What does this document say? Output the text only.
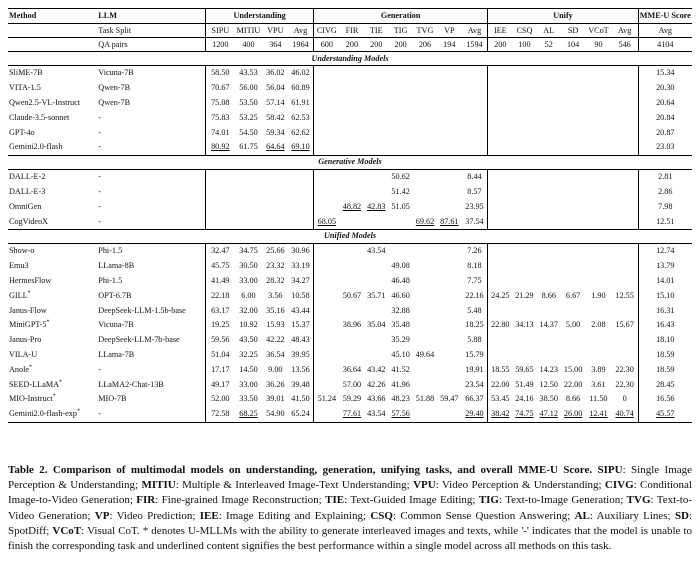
Method	LLM	Understanding				Generation							Unify						MME-U Score
	Task Split	SIPU	MITIU	VPU	Avg	CIVG	FIR	TIE	TIG	TVG	VP	Avg	IEE	CSQ	AL	SD	VCoT	Avg	Avg
	QA pairs	1200	400	364	1964	600	200	200	200	206	194	1594	200	100	52	104	90	546	4104
Understanding Models																			
SliME-7B	Vicuna-7B	58.50	43.53	36.02	46.02														15.34
VITA-1.5	Qwen-7B	70.67	56.00	56.04	60.89														20.30
Qwen2.5-VL-Instruct	Qwen-7B	75.08	53.50	57.14	61.91														20.64
Claude-3.5-sonnet	-	75.83	53.25	58.42	62.53														20.84
GPT-4o	-	74.01	54.50	59.34	62.62														20.87
Gemini2.0-flash	-	80.92	61.75	64.64	69.10														23.03
Generative Models																			
DALL-E-2	-								50.62			8.44							2.81
DALL-E-3	-								51.42			8.57							2.86
OmniGen	-						48.82	42.83	51.05			23.95							7.98
CogVideoX	-					68.05				69.62	87.61	37.54							12.51
Unified Models																			
Show-o	Phi-1.5	32.47	34.75	25.66	30.96			43.54				7.26							12.74
Emu3	LLama-8B	45.75	30.50	23.32	33.19				49.08			8.18							13.79
HermesFlow	Phi-1.5	41.49	33.00	28.32	34.27				46.48			7.75							14.01
GILL*	OPT-6.7B	22.18	6.00	3.56	10.58		50.67	35.71	46.60			22.16	24.25	21.29	8.66	6.67	1.90	12.55	15.10
Janus-Flow	DeepSeek-LLM-1.5b-base	63.17	32.00	35.16	43.44				32.88			5.48							16.31
MiniGPT-5*	Vicuna-7B	19.25	10.92	15.93	15.37		38.96	35.04	35.48			18.25	22.80	34.13	14.37	5.00	2.08	15.67	16.43
Janus-Pro	DeepSeek-LLM-7b-base	59.56	43.50	42.22	48.43				35.29			5.88							18.10
VILA-U	LLama-7B	51.04	32.25	36.54	39.95				45.10	49.64		15.79							18.59
Anole*	-	17.17	14.50	9.00	13.56		36.64	43.42	41.52			19.91	18.55	59.65	14.23	15.00	3.89	22.30	18.59
SEED-LLaMA*	LLaMA2-Chat-13B	49.17	33.00	36.26	39.48		57.00	42.26	41.96			23.54	22.00	51.49	12.50	22.00	3.61	22.30	28.45
MIO-Instruct*	MIO-7B	52.00	33.50	39.01	41.50	51.24	59.29	43.66	48.23	51.88	59.47	66.37	53.45	24.16	38.50	8.66	11.50	0	16.56
Gemini2.0-flash-exp*	-	72.58	68.25	54.90	65.24		77.61	43.54	57.56			29.40	38.42	74.75	47.12	26.00	12.41	40.74	45.57
Table 2. Comparison of multimodal models on understanding, generation, unifying tasks, and overall MME-U Score. SIPU: Single Image Perception & Understanding; MITIU: Multiple & Interleaved Image-Text Understanding; VPU: Video Perception & Understanding; CIVG: Conditional Image-to-Video Generation; FIR: Fine-grained Image Reconstruction; TIE: Text-Guided Image Editing; TIG: Text-to-Image Generation; TVG: Text-to-Video Generation; VP: Video Prediction; IEE: Image Editing and Explaining; CSQ: Common Sense Question Answering; AL: Auxiliary Lines; SD: SpotDiff; VCoT: Visual CoT. * denotes U-MLLMs with the ability to generate interleaved images and texts, while '-' indicates that the model is unable to finish the corresponding task and underlined content signifies the best performance within a single model across all methods on this task.
